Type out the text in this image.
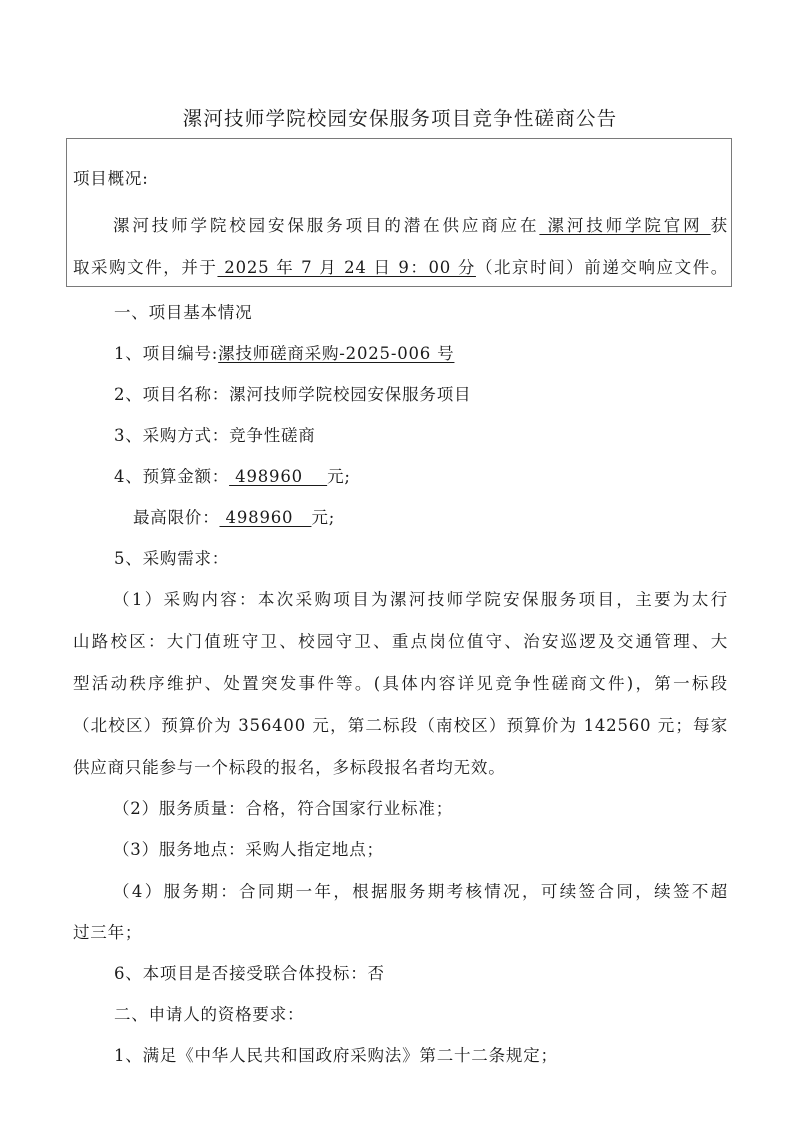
漯河技师学院校园安保服务项目竞争性磋商公告
项目概况:
漯河技师学院校园安保服务项目的潜在供应商应在 漯河技师学院官网 获
取采购文件，并于 2025 年 7 月 24 日 9：00 分（北京时间）前递交响应文件。
一、项目基本情况
1、项目编号:漯技师磋商采购-2025-006 号
2、项目名称：漯河技师学院校园安保服务项目
3、采购方式：竞争性磋商
4、预算金额： 498960    元;
最高限价： 498960   元;
5、采购需求：
（1）采购内容：本次采购项目为漯河技师学院安保服务项目，主要为太行
山路校区：大门值班守卫、校园守卫、重点岗位值守、治安巡逻及交通管理、大
型活动秩序维护、处置突发事件等。(具体内容详见竞争性磋商文件)，第一标段
（北校区）预算价为 356400 元，第二标段（南校区）预算价为 142560 元；每家
供应商只能参与一个标段的报名，多标段报名者均无效。
（2）服务质量：合格，符合国家行业标准；
（3）服务地点：采购人指定地点；
（4）服务期：合同期一年，根据服务期考核情况，可续签合同，续签不超
过三年；
6、本项目是否接受联合体投标：否
二、申请人的资格要求：
1、满足《中华人民共和国政府采购法》第二十二条规定；
